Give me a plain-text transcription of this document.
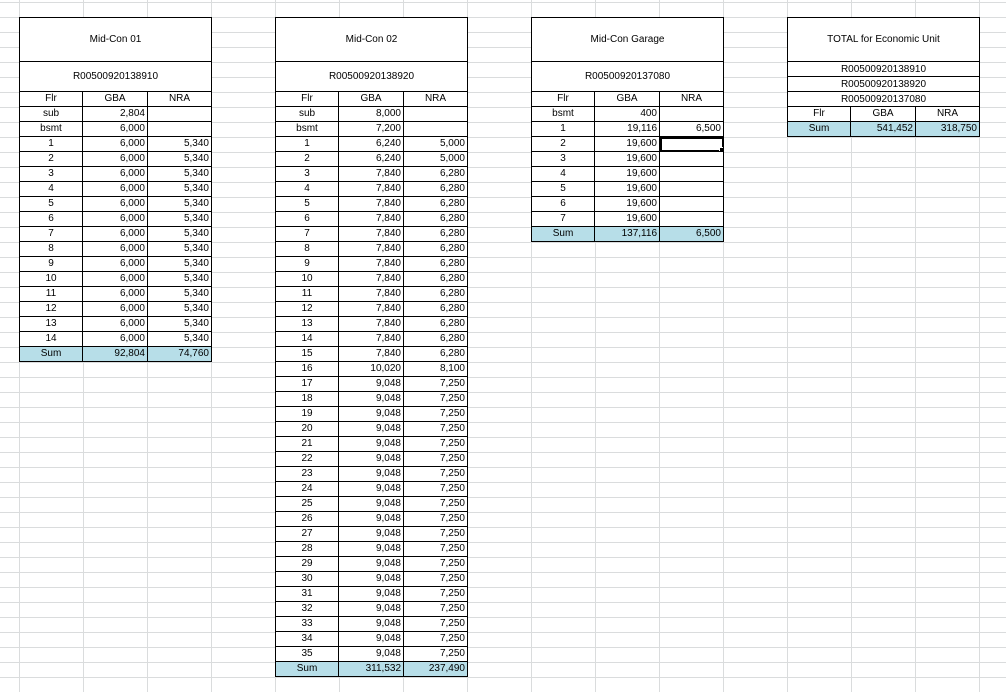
Mid-Con 01
R00500920138910
Flr	GBA	NRA
sub	2,804
bsmt	6,000
1	6,000	5,340
2	6,000	5,340
3	6,000	5,340
4	6,000	5,340
5	6,000	5,340
6	6,000	5,340
7	6,000	5,340
8	6,000	5,340
9	6,000	5,340
10	6,000	5,340
11	6,000	5,340
12	6,000	5,340
13	6,000	5,340
14	6,000	5,340
Sum	92,804	74,760
Mid-Con 02
R00500920138920
Flr	GBA	NRA
sub	8,000
bsmt	7,200
1	6,240	5,000
2	6,240	5,000
3	7,840	6,280
4	7,840	6,280
5	7,840	6,280
6	7,840	6,280
7	7,840	6,280
8	7,840	6,280
9	7,840	6,280
10	7,840	6,280
11	7,840	6,280
12	7,840	6,280
13	7,840	6,280
14	7,840	6,280
15	7,840	6,280
16	10,020	8,100
17	9,048	7,250
18	9,048	7,250
19	9,048	7,250
20	9,048	7,250
21	9,048	7,250
22	9,048	7,250
23	9,048	7,250
24	9,048	7,250
25	9,048	7,250
26	9,048	7,250
27	9,048	7,250
28	9,048	7,250
29	9,048	7,250
30	9,048	7,250
31	9,048	7,250
32	9,048	7,250
33	9,048	7,250
34	9,048	7,250
35	9,048	7,250
Sum	311,532	237,490
Mid-Con Garage
R00500920137080
Flr	GBA	NRA
bsmt	400
1	19,116	6,500
2	19,600
3	19,600
4	19,600
5	19,600
6	19,600
7	19,600
Sum	137,116	6,500
TOTAL for Economic Unit
R00500920138910
R00500920138920
R00500920137080
Flr	GBA	NRA
Sum	541,452	318,750
